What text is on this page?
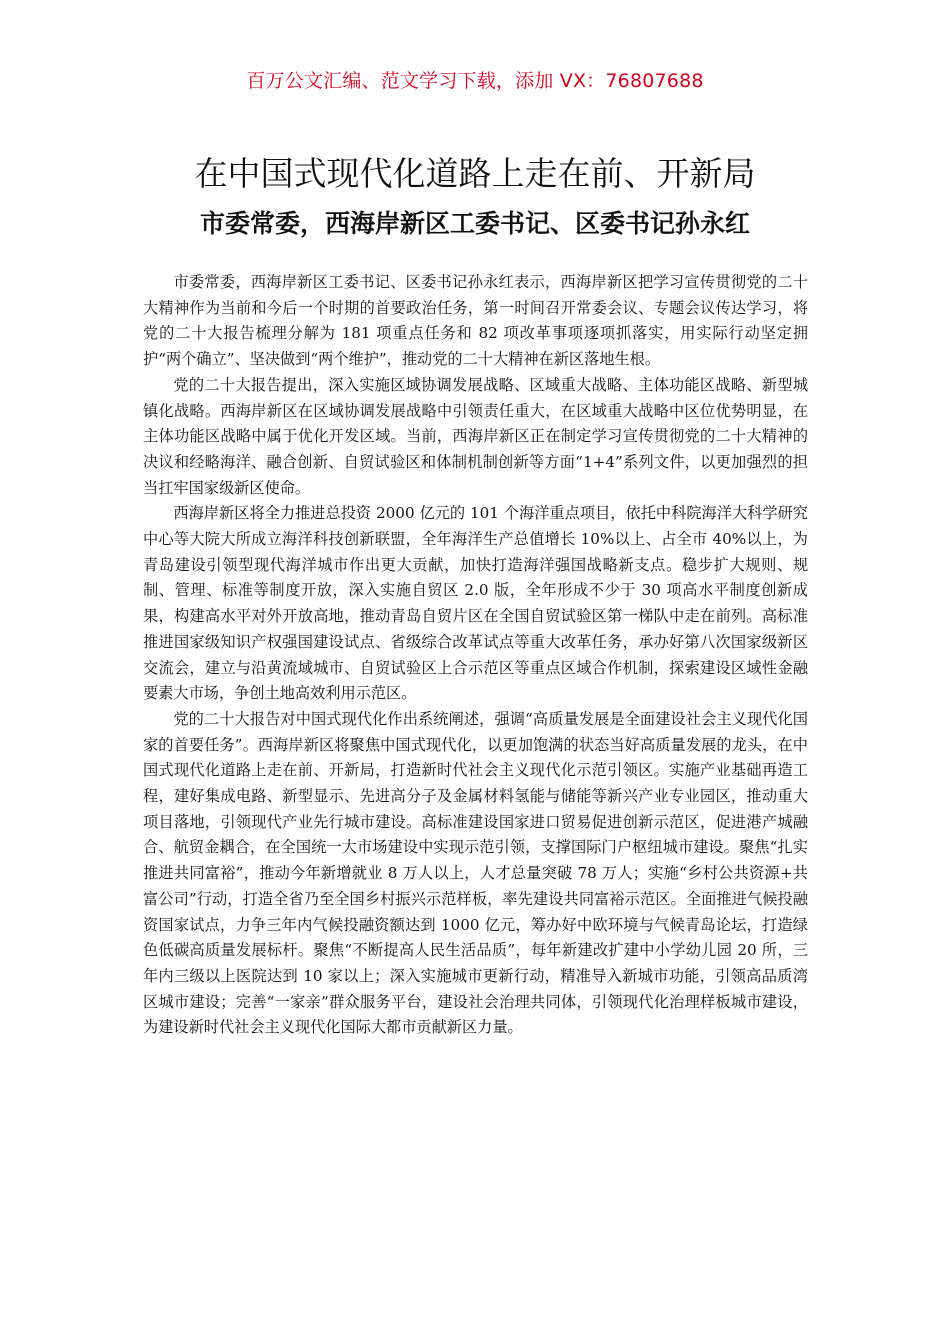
百万公文汇编、范文学习下载，添加 VX：76807688
在中国式现代化道路上走在前、开新局
市委常委，西海岸新区工委书记、区委书记孙永红

市委常委，西海岸新区工委书记、区委书记孙永红表示，西海岸新区把学习宣传贯彻党的二十大精神作为当前和今后一个时期的首要政治任务，第一时间召开常委会议、专题会议传达学习，将党的二十大报告梳理分解为 181 项重点任务和 82 项改革事项逐项抓落实，用实际行动坚定拥护“两个确立”、坚决做到“两个维护”，推动党的二十大精神在新区落地生根。

党的二十大报告提出，深入实施区域协调发展战略、区域重大战略、主体功能区战略、新型城镇化战略。西海岸新区在区域协调发展战略中引领责任重大，在区域重大战略中区位优势明显，在主体功能区战略中属于优化开发区域。当前，西海岸新区正在制定学习宣传贯彻党的二十大精神的决议和经略海洋、融合创新、自贸试验区和体制机制创新等方面“1+4”系列文件，以更加强烈的担当扛牢国家级新区使命。

西海岸新区将全力推进总投资 2000 亿元的 101 个海洋重点项目，依托中科院海洋大科学研究中心等大院大所成立海洋科技创新联盟，全年海洋生产总值增长 10%以上、占全市 40%以上，为青岛建设引领型现代海洋城市作出更大贡献，加快打造海洋强国战略新支点。稳步扩大规则、规制、管理、标准等制度开放，深入实施自贸区 2.0 版，全年形成不少于 30 项高水平制度创新成果，构建高水平对外开放高地，推动青岛自贸片区在全国自贸试验区第一梯队中走在前列。高标准推进国家级知识产权强国建设试点、省级综合改革试点等重大改革任务，承办好第八次国家级新区交流会，建立与沿黄流域城市、自贸试验区上合示范区等重点区域合作机制，探索建设区域性金融要素大市场，争创土地高效利用示范区。

党的二十大报告对中国式现代化作出系统阐述，强调“高质量发展是全面建设社会主义现代化国家的首要任务”。西海岸新区将聚焦中国式现代化，以更加饱满的状态当好高质量发展的龙头，在中国式现代化道路上走在前、开新局，打造新时代社会主义现代化示范引领区。实施产业基础再造工程，建好集成电路、新型显示、先进高分子及金属材料氢能与储能等新兴产业专业园区，推动重大项目落地，引领现代产业先行城市建设。高标准建设国家进口贸易促进创新示范区，促进港产城融合、航贸金耦合，在全国统一大市场建设中实现示范引领，支撑国际门户枢纽城市建设。聚焦“扎实推进共同富裕”，推动今年新增就业 8 万人以上，人才总量突破 78 万人；实施“乡村公共资源+共富公司”行动，打造全省乃至全国乡村振兴示范样板，率先建设共同富裕示范区。全面推进气候投融资国家试点，力争三年内气候投融资额达到 1000 亿元，筹办好中欧环境与气候青岛论坛，打造绿色低碳高质量发展标杆。聚焦“不断提高人民生活品质”，每年新建改扩建中小学幼儿园 20 所，三年内三级以上医院达到 10 家以上；深入实施城市更新行动，精准导入新城市功能，引领高品质湾区城市建设；完善“一家亲”群众服务平台，建设社会治理共同体，引领现代化治理样板城市建设，为建设新时代社会主义现代化国际大都市贡献新区力量。
